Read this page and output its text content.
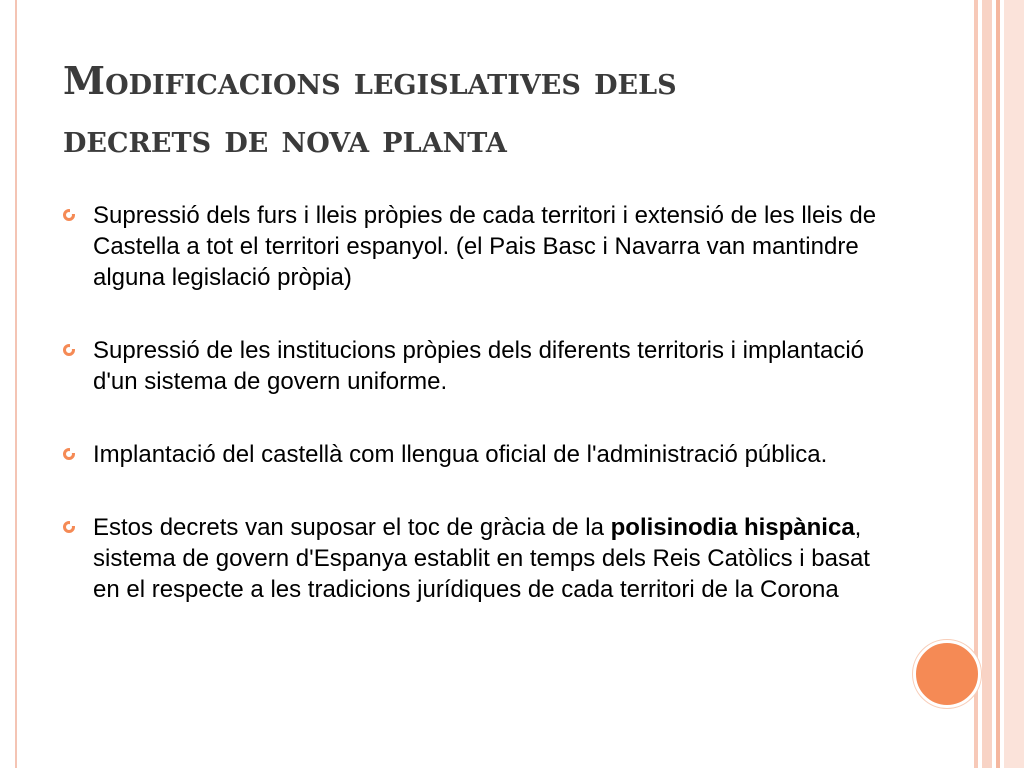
Modificacions legislatives dels
decrets de nova planta
Supressió dels furs i lleis pròpies de cada territori i extensió de les lleis de Castella a tot el territori espanyol. (el Pais Basc i Navarra van mantindre alguna legislació pròpia)
Supressió de les institucions pròpies dels diferents territoris i implantació d'un sistema de govern uniforme.
Implantació del castellà com llengua oficial de l'administració pública.
Estos decrets van suposar el toc de gràcia de la polisinodia hispànica, sistema de govern d'Espanya establit en temps dels Reis Catòlics i basat en el respecte a les tradicions jurídiques de cada territori de la Corona
